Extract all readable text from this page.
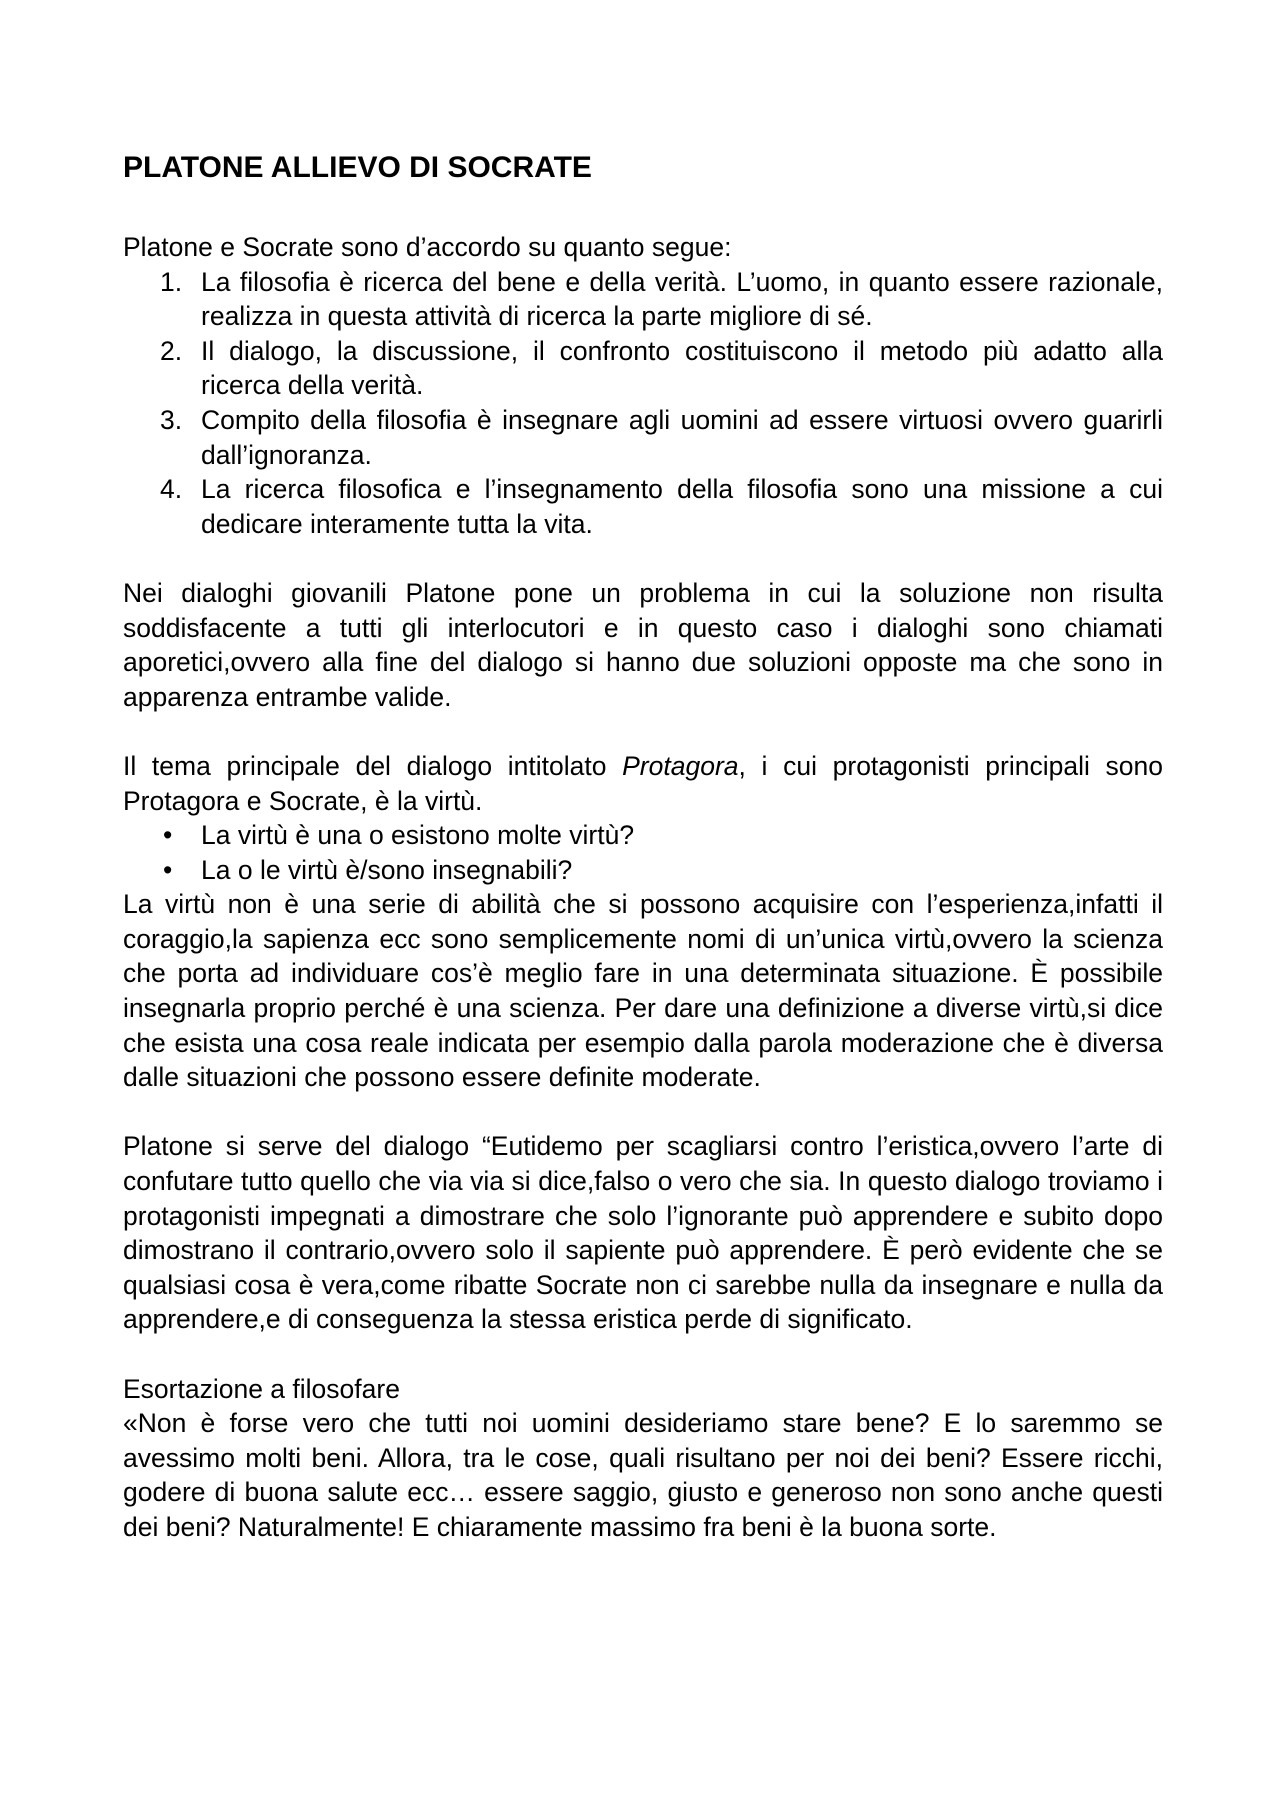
PLATONE ALLIEVO DI SOCRATE

Platone e Socrate sono d’accordo su quanto segue:

1. La filosofia è ricerca del bene e della verità. L’uomo, in quanto essere razionale, realizza in questa attività di ricerca la parte migliore di sé.
2. Il dialogo, la discussione, il confronto costituiscono il metodo più adatto alla ricerca della verità.
3. Compito della filosofia è insegnare agli uomini ad essere virtuosi ovvero guarirli dall’ignoranza.
4. La ricerca filosofica e l’insegnamento della filosofia sono una missione a cui dedicare interamente tutta la vita.

Nei dialoghi giovanili Platone pone un problema in cui la soluzione non risulta soddisfacente a tutti gli interlocutori e in questo caso i dialoghi sono chiamati aporetici,ovvero alla fine del dialogo si hanno due soluzioni opposte ma che sono in apparenza entrambe valide.

Il tema principale del dialogo intitolato Protagora, i cui protagonisti principali sono Protagora e Socrate, è la virtù.

• La virtù è una o esistono molte virtù?
• La o le virtù è/sono insegnabili?

La virtù non è una serie di abilità che si possono acquisire con l’esperienza,infatti il coraggio,la sapienza ecc sono semplicemente nomi di un’unica virtù,ovvero la scienza che porta ad individuare cos’è meglio fare in una determinata situazione. È possibile insegnarla proprio perché è una scienza. Per dare una definizione a diverse virtù,si dice che esista una cosa reale indicata per esempio dalla parola moderazione che è diversa dalle situazioni che possono essere definite moderate.

Platone si serve del dialogo “Eutidemo per scagliarsi contro l’eristica,ovvero l’arte di confutare tutto quello che via via si dice,falso o vero che sia. In questo dialogo troviamo i protagonisti impegnati a dimostrare che solo l’ignorante può apprendere e subito dopo dimostrano il contrario,ovvero solo il sapiente può apprendere. È però evidente che se qualsiasi cosa è vera,come ribatte Socrate non ci sarebbe nulla da insegnare e nulla da apprendere,e di conseguenza la stessa eristica perde di significato.

Esortazione a filosofare

«Non è forse vero che tutti noi uomini desideriamo stare bene? E lo saremmo se avessimo molti beni. Allora, tra le cose, quali risultano per noi dei beni? Essere ricchi, godere di buona salute ecc… essere saggio, giusto e generoso non sono anche questi dei beni? Naturalmente! E chiaramente massimo fra beni è la buona sorte.
